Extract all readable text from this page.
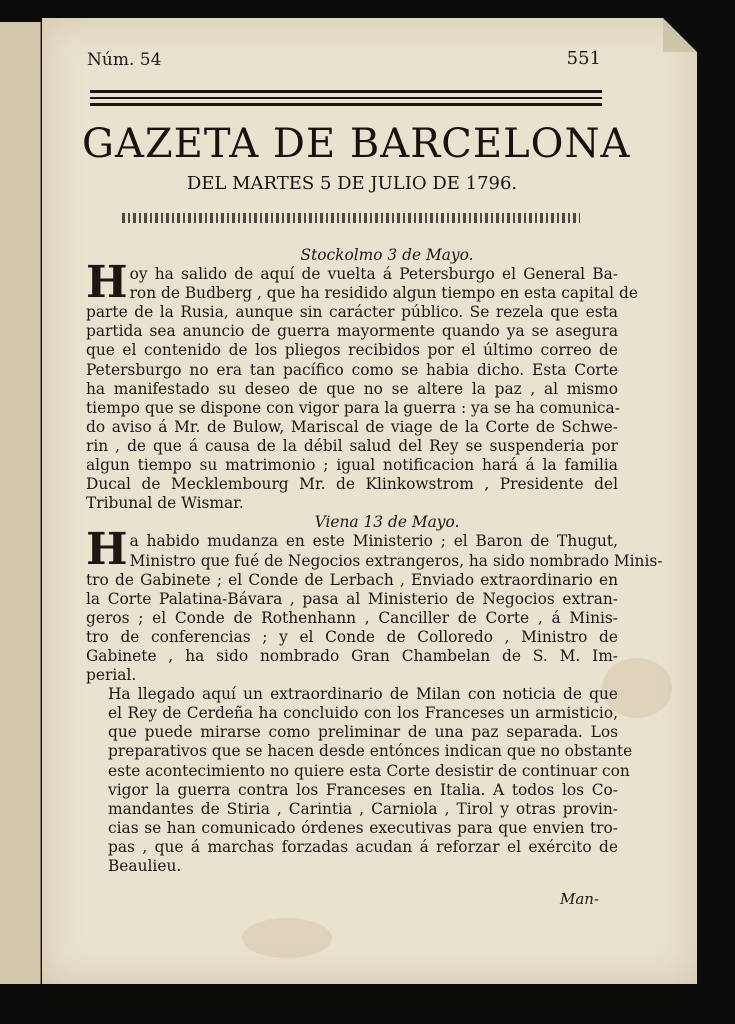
Núm. 54	551
GAZETA DE BARCELONA
DEL MARTES 5 DE JULIO DE 1796.
Stockolmo 3 de Mayo.
H oy ha salido de aquí de vuelta á Petersburgo el General Ba-
ron de Budberg , que ha residido algun tiempo en esta capital de
parte de la Rusia, aunque sin carácter público. Se rezela que esta
partida sea anuncio de guerra mayormente quando ya se asegura
que el contenido de los pliegos recibidos por el último correo de
Petersburgo no era tan pacífico como se habia dicho. Esta Corte
ha manifestado su deseo de que no se altere la paz , al mismo
tiempo que se dispone con vigor para la guerra : ya se ha comunica-
do aviso á Mr. de Bulow, Mariscal de viage de la Corte de Schwe-
rin , de que á causa de la débil salud del Rey se suspenderia por
algun tiempo su matrimonio ; igual notificacion hará á la familia
Ducal de Mecklembourg Mr. de Klinkowstrom , Presidente del
Tribunal de Wismar.
Viena 13 de Mayo.
H a habido mudanza en este Ministerio ; el Baron de Thugut,
Ministro que fué de Negocios extrangeros, ha sido nombrado Minis-
tro de Gabinete ; el Conde de Lerbach , Enviado extraordinario en
la Corte Palatina-Bávara , pasa al Ministerio de Negocios extran-
geros ; el Conde de Rothenhann , Canciller de Corte , á Minis-
tro de conferencias ; y el Conde de Colloredo , Ministro de
Gabinete , ha sido nombrado Gran Chambelan de S. M. Im-
perial.
Ha llegado aquí un extraordinario de Milan con noticia de que
el Rey de Cerdeña ha concluido con los Franceses un armisticio,
que puede mirarse como preliminar de una paz separada. Los
preparativos que se hacen desde entónces indican que no obstante
este acontecimiento no quiere esta Corte desistir de continuar con
vigor la guerra contra los Franceses en Italia. A todos los Co-
mandantes de Stiria , Carintia , Carniola , Tirol y otras provin-
cias se han comunicado órdenes executivas para que envien tro-
pas , que á marchas forzadas acudan á reforzar el exército de
Beaulieu.
Man-
